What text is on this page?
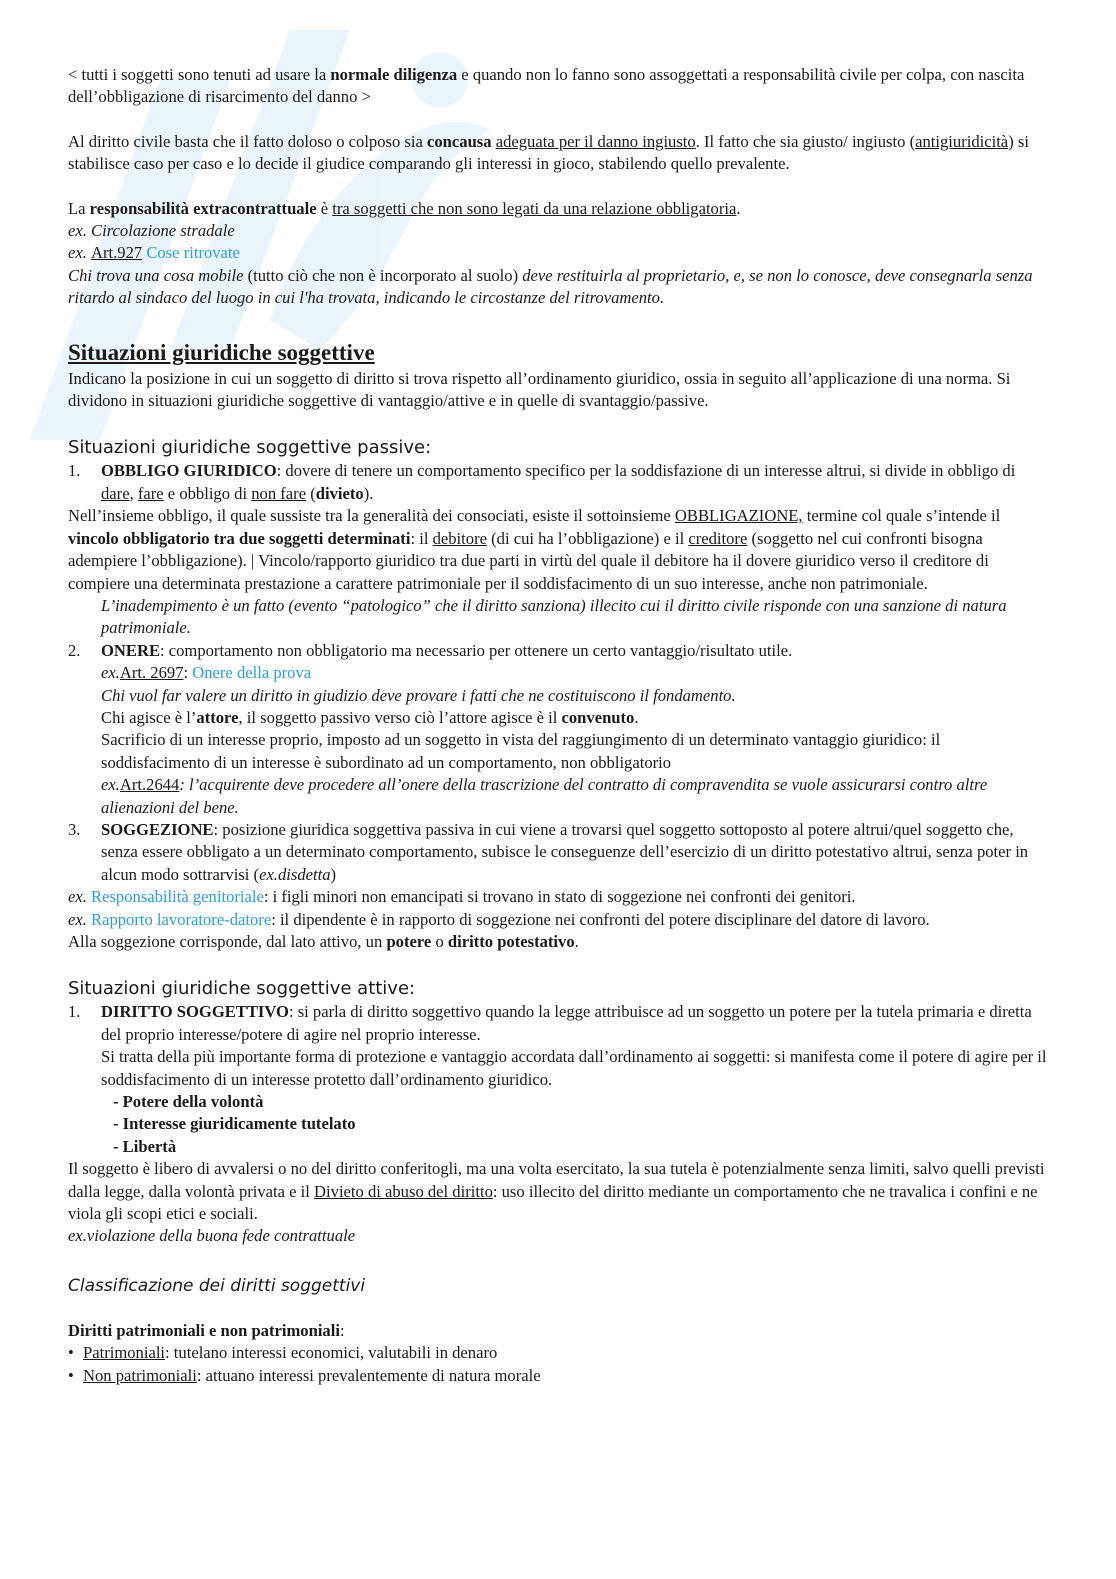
< tutti i soggetti sono tenuti ad usare la normale diligenza e quando non lo fanno sono assoggettati a responsabilità civile per colpa, con nascita dell’obbligazione di risarcimento del danno >

Al diritto civile basta che il fatto doloso o colposo sia concausa adeguata per il danno ingiusto. Il fatto che sia giusto/ ingiusto (antigiuridicità) si stabilisce caso per caso e lo decide il giudice comparando gli interessi in gioco, stabilendo quello prevalente.

La responsabilità extracontrattuale è tra soggetti che non sono legati da una relazione obbligatoria.

ex. Circolazione stradale

ex. Art.927 Cose ritrovate

Chi trova una cosa mobile (tutto ciò che non è incorporato al suolo) deve restituirla al proprietario, e, se non lo conosce, deve consegnarla senza ritardo al sindaco del luogo in cui l'ha trovata, indicando le circostanze del ritrovamento.

Situazioni giuridiche soggettive

Indicano la posizione in cui un soggetto di diritto si trova rispetto all’ordinamento giuridico, ossia in seguito all’applicazione di una norma. Si dividono in situazioni giuridiche soggettive di vantaggio/attive e in quelle di svantaggio/passive.

Situazioni giuridiche soggettive passive:

1. OBBLIGO GIURIDICO: dovere di tenere un comportamento specifico per la soddisfazione di un interesse altrui, si divide in obbligo di dare, fare e obbligo di non fare (divieto).

Nell’insieme obbligo, il quale sussiste tra la generalità dei consociati, esiste il sottoinsieme OBBLIGAZIONE, termine col quale s’intende il vincolo obbligatorio tra due soggetti determinati: il debitore (di cui ha l’obbligazione) e il creditore (soggetto nel cui confronti bisogna adempiere l’obbligazione). | Vincolo/rapporto giuridico tra due parti in virtù del quale il debitore ha il dovere giuridico verso il creditore di compiere una determinata prestazione a carattere patrimoniale per il soddisfacimento di un suo interesse, anche non patrimoniale.

L’inadempimento è un fatto (evento “patologico” che il diritto sanziona) illecito cui il diritto civile risponde con una sanzione di natura patrimoniale.

2. ONERE: comportamento non obbligatorio ma necessario per ottenere un certo vantaggio/risultato utile.

ex.Art. 2697: Onere della prova

Chi vuol far valere un diritto in giudizio deve provare i fatti che ne costituiscono il fondamento.

Chi agisce è l’attore, il soggetto passivo verso ciò l’attore agisce è il convenuto.

Sacrificio di un interesse proprio, imposto ad un soggetto in vista del raggiungimento di un determinato vantaggio giuridico: il soddisfacimento di un interesse è subordinato ad un comportamento, non obbligatorio

ex.Art.2644: l’acquirente deve procedere all’onere della trascrizione del contratto di compravendita se vuole assicurarsi contro altre alienazioni del bene.

3. SOGGEZIONE: posizione giuridica soggettiva passiva in cui viene a trovarsi quel soggetto sottoposto al potere altrui/quel soggetto che, senza essere obbligato a un determinato comportamento, subisce le conseguenze dell’esercizio di un diritto potestativo altrui, senza poter in alcun modo sottrarvisi (ex.disdetta)

ex. Responsabilità genitoriale: i figli minori non emancipati si trovano in stato di soggezione nei confronti dei genitori.

ex. Rapporto lavoratore-datore: il dipendente è in rapporto di soggezione nei confronti del potere disciplinare del datore di lavoro.

Alla soggezione corrisponde, dal lato attivo, un potere o diritto potestativo.

Situazioni giuridiche soggettive attive:

1. DIRITTO SOGGETTIVO: si parla di diritto soggettivo quando la legge attribuisce ad un soggetto un potere per la tutela primaria e diretta del proprio interesse/potere di agire nel proprio interesse.

Si tratta della più importante forma di protezione e vantaggio accordata dall’ordinamento ai soggetti: si manifesta come il potere di agire per il soddisfacimento di un interesse protetto dall’ordinamento giuridico.

- Potere della volontà

- Interesse giuridicamente tutelato

- Libertà

Il soggetto è libero di avvalersi o no del diritto conferitogli, ma una volta esercitato, la sua tutela è potenzialmente senza limiti, salvo quelli previsti dalla legge, dalla volontà privata e il Divieto di abuso del diritto: uso illecito del diritto mediante un comportamento che ne travalica i confini e ne viola gli scopi etici e sociali.

ex.violazione della buona fede contrattuale

Classificazione dei diritti soggettivi

Diritti patrimoniali e non patrimoniali:

• Patrimoniali: tutelano interessi economici, valutabili in denaro
• Non patrimoniali: attuano interessi prevalentemente di natura morale
